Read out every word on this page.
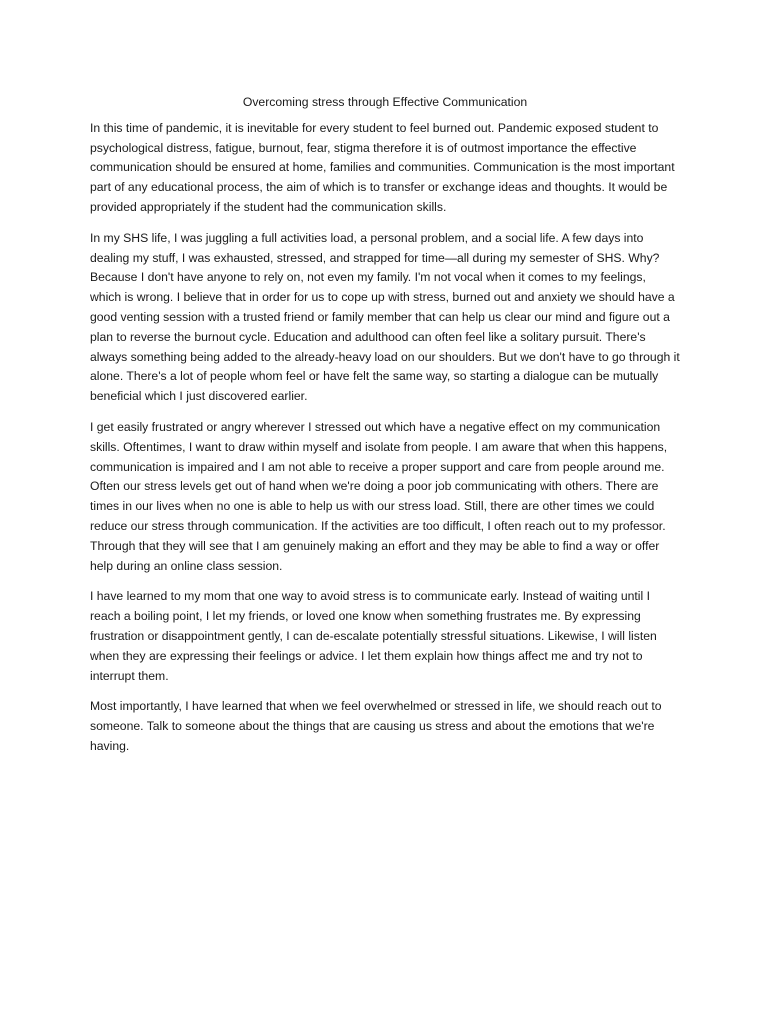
Overcoming stress through Effective Communication

In this time of pandemic, it is inevitable for every student to feel burned out. Pandemic exposed student to psychological distress, fatigue, burnout, fear, stigma therefore it is of outmost importance the effective communication should be ensured at home, families and communities. Communication is the most important part of any educational process, the aim of which is to transfer or exchange ideas and thoughts. It would be provided appropriately if the student had the communication skills.

In my SHS life, I was juggling a full activities load, a personal problem, and a social life. A few days into dealing my stuff, I was exhausted, stressed, and strapped for time—all during my semester of SHS. Why? Because I don't have anyone to rely on, not even my family. I'm not vocal when it comes to my feelings, which is wrong. I believe that in order for us to cope up with stress, burned out and anxiety we should have a good venting session with a trusted friend or family member that can help us clear our mind and figure out a plan to reverse the burnout cycle. Education and adulthood can often feel like a solitary pursuit. There's always something being added to the already-heavy load on our shoulders. But we don't have to go through it alone. There's a lot of people whom feel or have felt the same way, so starting a dialogue can be mutually beneficial which I just discovered earlier.

I get easily frustrated or angry wherever I stressed out which have a negative effect on my communication skills. Oftentimes, I want to draw within myself and isolate from people. I am aware that when this happens, communication is impaired and I am not able to receive a proper support and care from people around me. Often our stress levels get out of hand when we're doing a poor job communicating with others. There are times in our lives when no one is able to help us with our stress load. Still, there are other times we could reduce our stress through communication. If the activities are too difficult, I often reach out to my professor. Through that they will see that I am genuinely making an effort and they may be able to find a way or offer help during an online class session.

I have learned to my mom that one way to avoid stress is to communicate early. Instead of waiting until I reach a boiling point, I let my friends, or loved one know when something frustrates me. By expressing frustration or disappointment gently, I can de-escalate potentially stressful situations. Likewise, I will listen when they are expressing their feelings or advice. I let them explain how things affect me and try not to interrupt them.

Most importantly, I have learned that when we feel overwhelmed or stressed in life, we should reach out to someone. Talk to someone about the things that are causing us stress and about the emotions that we're having.
